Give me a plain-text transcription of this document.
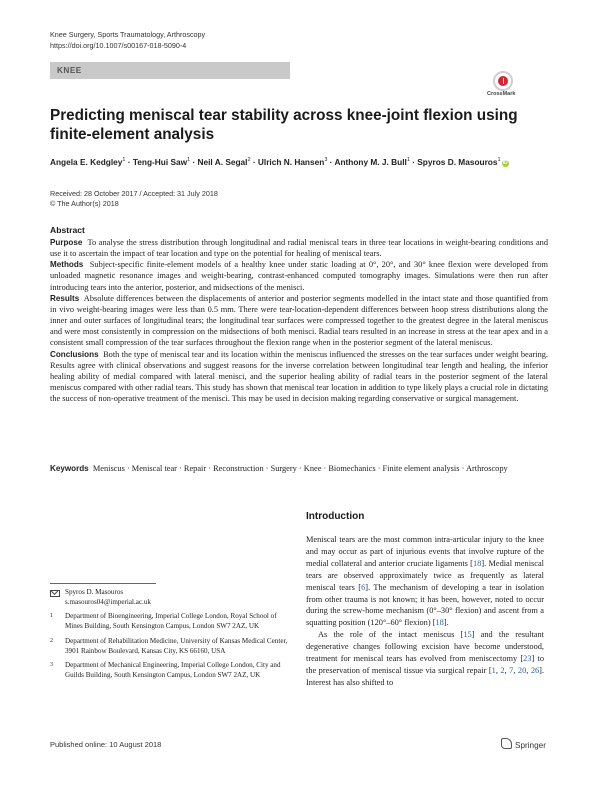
Knee Surgery, Sports Traumatology, Arthroscopy
https://doi.org/10.1007/s00167-018-5090-4
KNEE
CrossMark
Predicting meniscal tear stability across knee-joint flexion using finite-element analysis
Angela E. Kedgley$^1$ · Teng-Hui Saw$^1$ · Neil A. Segal$^2$ · Ulrich N. Hansen$^3$ · Anthony M. J. Bull$^1$ · Spyros D. Masouros$^1$ iD
Received: 28 October 2017 / Accepted: 31 July 2018
© The Author(s) 2018
Abstract

Purpose To analyse the stress distribution through longitudinal and radial meniscal tears in three tear locations in weight-bearing conditions and use it to ascertain the impact of tear location and type on the potential for healing of meniscal tears.

Methods Subject-specific finite-element models of a healthy knee under static loading at 0°, 20°, and 30° knee flexion were developed from unloaded magnetic resonance images and weight-bearing, contrast-enhanced computed tomography images. Simulations were then run after introducing tears into the anterior, posterior, and midsections of the menisci.

Results Absolute differences between the displacements of anterior and posterior segments modelled in the intact state and those quantified from in vivo weight-bearing images were less than 0.5 mm. There were tear-location-dependent differences between hoop stress distributions along the inner and outer surfaces of longitudinal tears; the longitudinal tear surfaces were compressed together to the greatest degree in the lateral meniscus and were most consistently in compression on the midsections of both menisci. Radial tears resulted in an increase in stress at the tear apex and in a consistent small compression of the tear surfaces throughout the flexion range when in the posterior segment of the lateral meniscus.

Conclusions Both the type of meniscal tear and its location within the meniscus influenced the stresses on the tear surfaces under weight bearing. Results agree with clinical observations and suggest reasons for the inverse correlation between longitudinal tear length and healing, the inferior healing ability of medial compared with lateral menisci, and the superior healing ability of radial tears in the posterior segment of the lateral meniscus compared with other radial tears. This study has shown that meniscal tear location in addition to type likely plays a crucial role in dictating the success of non-operative treatment of the menisci. This may be used in decision making regarding conservative or surgical management.

Keywords Meniscus · Meniscal tear · Repair · Reconstruction · Surgery · Knee · Biomechanics · Finite element analysis · Arthroscopy
Introduction

Meniscal tears are the most common intra-articular injury to the knee and may occur as part of injurious events that involve rupture of the medial collateral and anterior cruciate ligaments [18]. Medial meniscal tears are observed approximately twice as frequently as lateral meniscal tears [6]. The mechanism of developing a tear in isolation from other trauma is not known; it has been, however, noted to occur during the screw-home mechanism (0°–30° flexion) and ascent from a squatting position (120°–60° flexion) [18].

As the role of the intact meniscus [15] and the resultant degenerative changes following excision have become understood, treatment for meniscal tears has evolved from meniscectomy [23] to the preservation of meniscal tissue via surgical repair [1, 2, 7, 20, 26]. Interest has also shifted to

Spyros D. Masouros
s.masouros04@imperial.ac.uk
1 Department of Bioengineering, Imperial College London, Royal School of Mines Building, South Kensington Campus, London SW7 2AZ, UK
2 Department of Rehabilitation Medicine, University of Kansas Medical Center, 3901 Rainbow Boulevard, Kansas City, KS 66160, USA
3 Department of Mechanical Engineering, Imperial College London, City and Guilds Building, South Kensington Campus, London SW7 2AZ, UK
Published online: 10 August 2018	Springer
